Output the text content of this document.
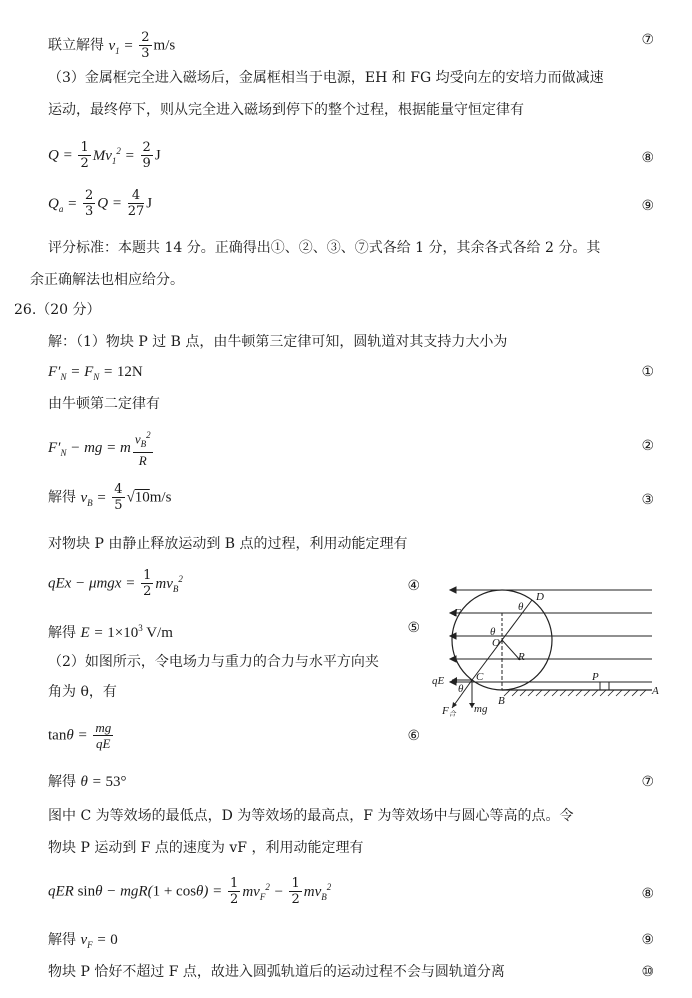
联立解得 $v_1 = \frac{2}{3} m/s$	⑦
（3）金属框完全进入磁场后，金属框相当于电源，EH 和 FG 均受向左的安培力而做减速
运动，最终停下，则从完全进入磁场到停下的整个过程，根据能量守恒定律有
$Q = \frac{1}{2} Mv_1^2 = \frac{2}{9}$ J	⑧
$Q_a = \frac{2}{3}$ $Q = \frac{4}{27}$ J	⑨
评分标准：本题共 14 分。正确得出①、②、③、⑦式各给 1 分，其余各式各给 2 分。其
余正确解法也相应给分。
26.（20 分）
解：（1）物块 P 过 B 点，由牛顿第三定律可知，圆轨道对其支持力大小为
$F'_N = F_N = 12N$	①
由牛顿第二定律有
$F'_N$ − mg = m $\frac{v_B^2}{R}$	②
解得 $v_B = \frac{4}{5} √10m/s$	③
对物块 P 由静止释放运动到 B 点的过程，利用动能定理有
qEx − $\mu mgx = \frac{1}{2} mv_B^2$	④
解得 $E = 1\times 10^3$ V/m	⑤
（2）如图所示，令电场力与重力的合力与水平方向夹
角为 θ，有
$\tan\theta = \frac{mg}{qE}$	⑥
解得 θ = 53°	⑦
图中 C 为等效场的最低点，D 为等效场的最高点，F 为等效场中与圆心等高的点。令
物块 P 运动到 F 点的速度为 vF ，利用动能定理有
qER $\sin\theta - mgR(1 + \cos\theta) = \frac{1}{2} mv_F^2 - \frac{1}{2} mv_B^2$	⑧
解得 $v_F = 0$	⑨
物块 P 恰好不超过 F 点，故进入圆弧轨道后的运动过程不会与圆轨道分离	⑩
F
D
θ
θ
O
R
qE	C
θ
B
P
A
F合 mg
